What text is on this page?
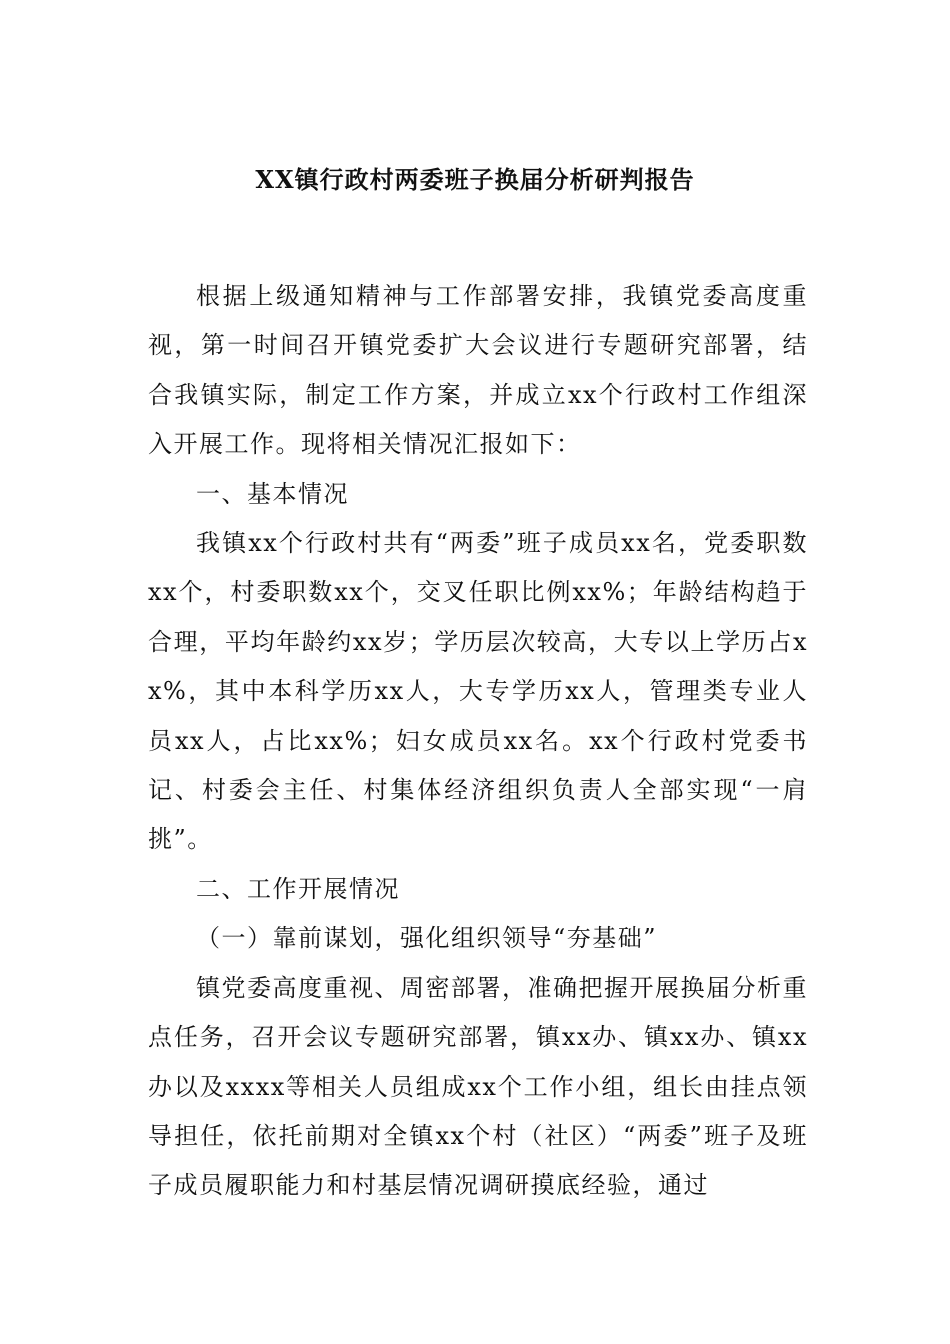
XX镇行政村两委班子换届分析研判报告

根据上级通知精神与工作部署安排，我镇党委高度重视，第一时间召开镇党委扩大会议进行专题研究部署，结合我镇实际，制定工作方案，并成立xx个行政村工作组深入开展工作。现将相关情况汇报如下：

一、基本情况

我镇xx个行政村共有“两委”班子成员xx名，党委职数xx个，村委职数xx个，交叉任职比例xx%；年龄结构趋于合理，平均年龄约xx岁；学历层次较高，大专以上学历占xx%，其中本科学历xx人，大专学历xx人，管理类专业人员xx人，占比xx%；妇女成员xx名。xx个行政村党委书记、村委会主任、村集体经济组织负责人全部实现“一肩挑”。

二、工作开展情况

（一）靠前谋划，强化组织领导“夯基础”

镇党委高度重视、周密部署，准确把握开展换届分析重点任务，召开会议专题研究部署，镇xx办、镇xx办、镇xx办以及xxxx等相关人员组成xx个工作小组，组长由挂点领导担任，依托前期对全镇xx个村（社区）“两委”班子及班子成员履职能力和村基层情况调研摸底经验，通过
